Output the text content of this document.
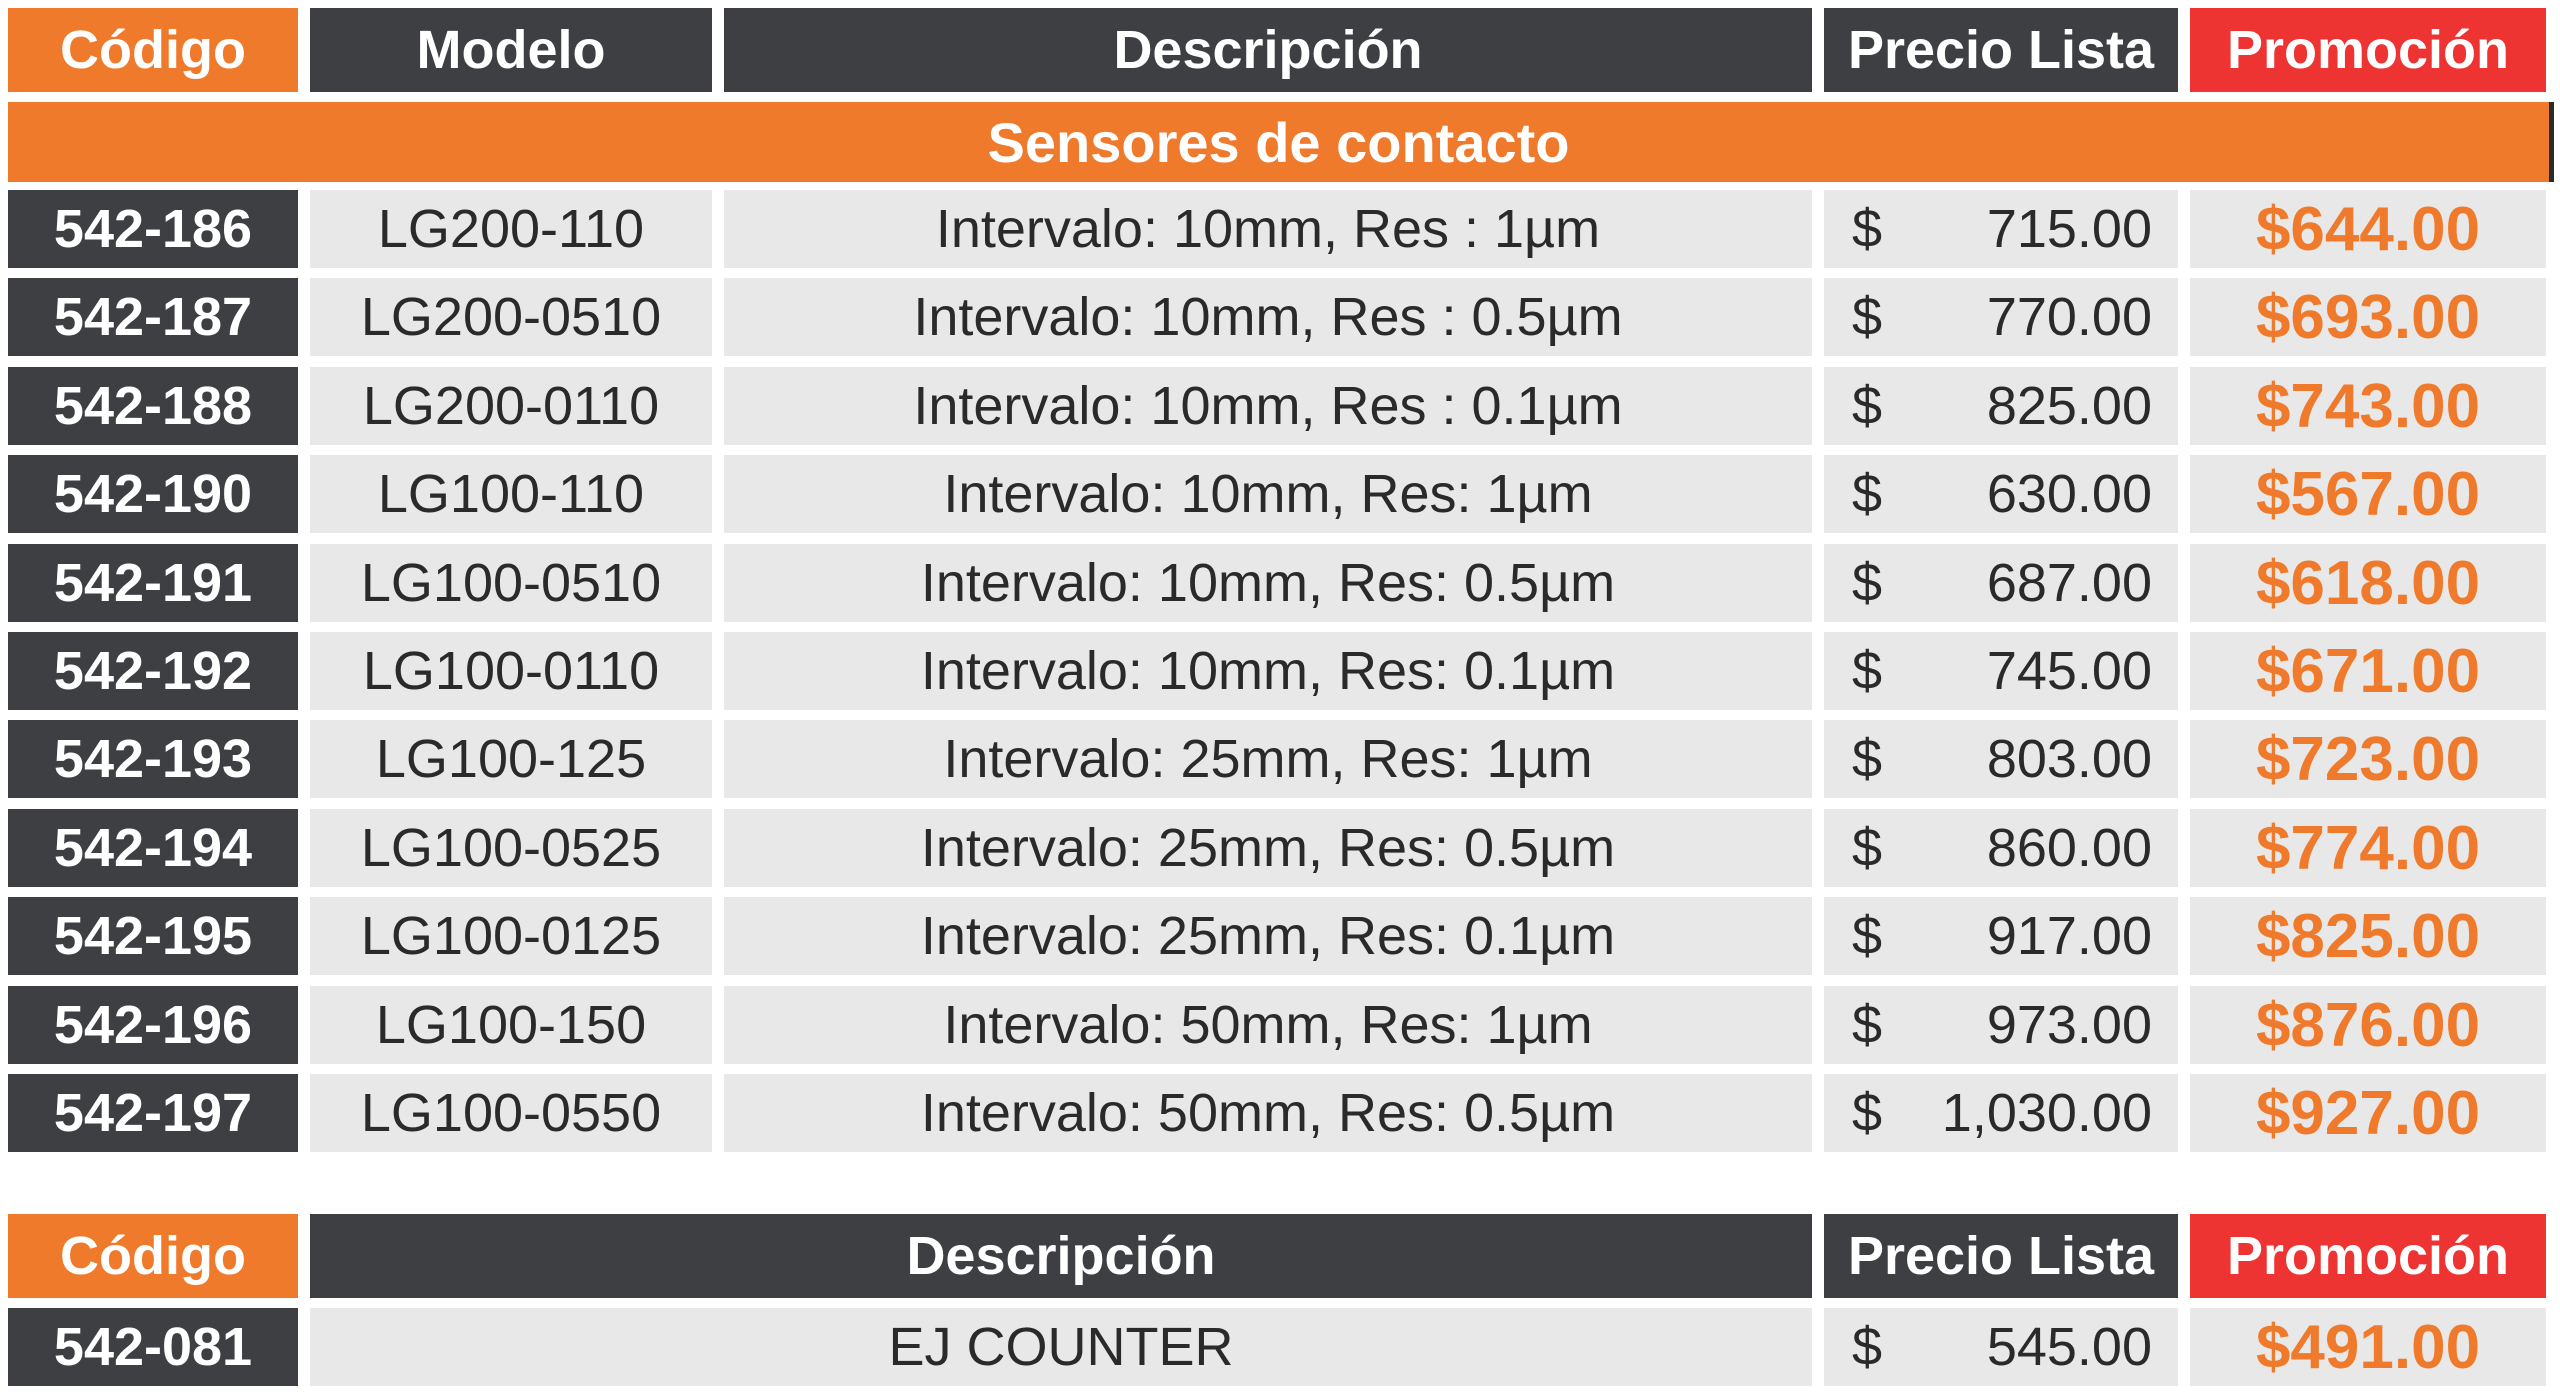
Código	Modelo	Descripción	Precio Lista	Promoción
Sensores de contacto
542-186	LG200-110	Intervalo: 10mm, Res : 1µm	$ 715.00	$644.00
542-187	LG200-0510	Intervalo: 10mm, Res : 0.5µm	$ 770.00	$693.00
542-188	LG200-0110	Intervalo: 10mm, Res : 0.1µm	$ 825.00	$743.00
542-190	LG100-110	Intervalo: 10mm, Res: 1µm	$ 630.00	$567.00
542-191	LG100-0510	Intervalo: 10mm, Res: 0.5µm	$ 687.00	$618.00
542-192	LG100-0110	Intervalo: 10mm, Res: 0.1µm	$ 745.00	$671.00
542-193	LG100-125	Intervalo: 25mm, Res: 1µm	$ 803.00	$723.00
542-194	LG100-0525	Intervalo: 25mm, Res: 0.5µm	$ 860.00	$774.00
542-195	LG100-0125	Intervalo: 25mm, Res: 0.1µm	$ 917.00	$825.00
542-196	LG100-150	Intervalo: 50mm, Res: 1µm	$ 973.00	$876.00
542-197	LG100-0550	Intervalo: 50mm, Res: 0.5µm	$ 1,030.00	$927.00
Código	Descripción	Precio Lista	Promoción
542-081	EJ COUNTER	$ 545.00	$491.00
